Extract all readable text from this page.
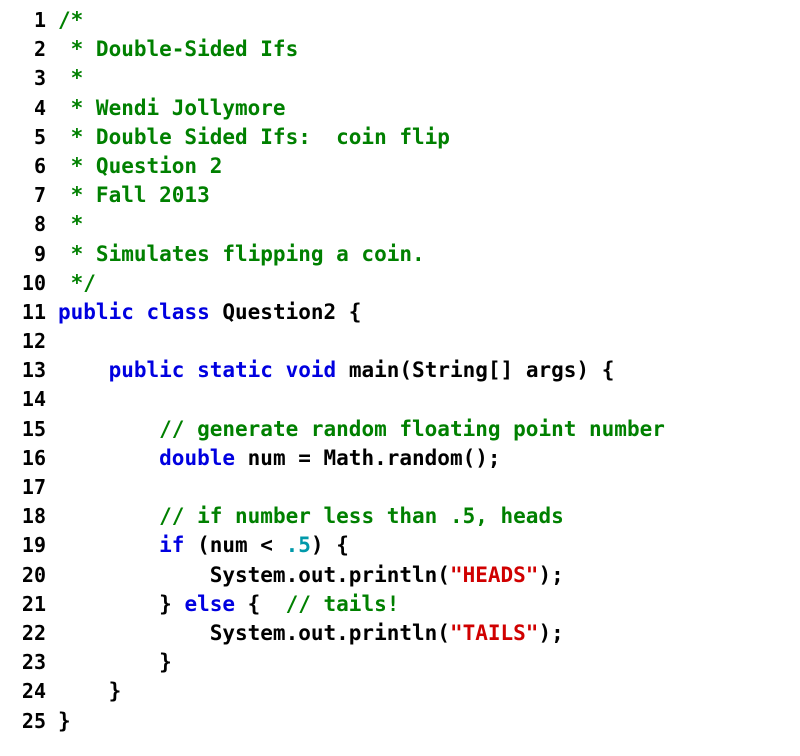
1 /*
2 * Double-Sided Ifs
3 *
4 * Wendi Jollymore
5 * Double Sided Ifs:  coin flip
6 * Question 2
7 * Fall 2013
8 *
9 * Simulates flipping a coin.
10 */
11 public class Question2 {
12
13	public static void main(String[] args) {
14
15	// generate random floating point number
16	double num = Math.random();
17
18	// if number less than .5, heads
19	if (num < .5) {
20 System.out.println("HEADS");
21 } else {  // tails!
22 System.out.println("TAILS");
23 }
24 }
25 }
